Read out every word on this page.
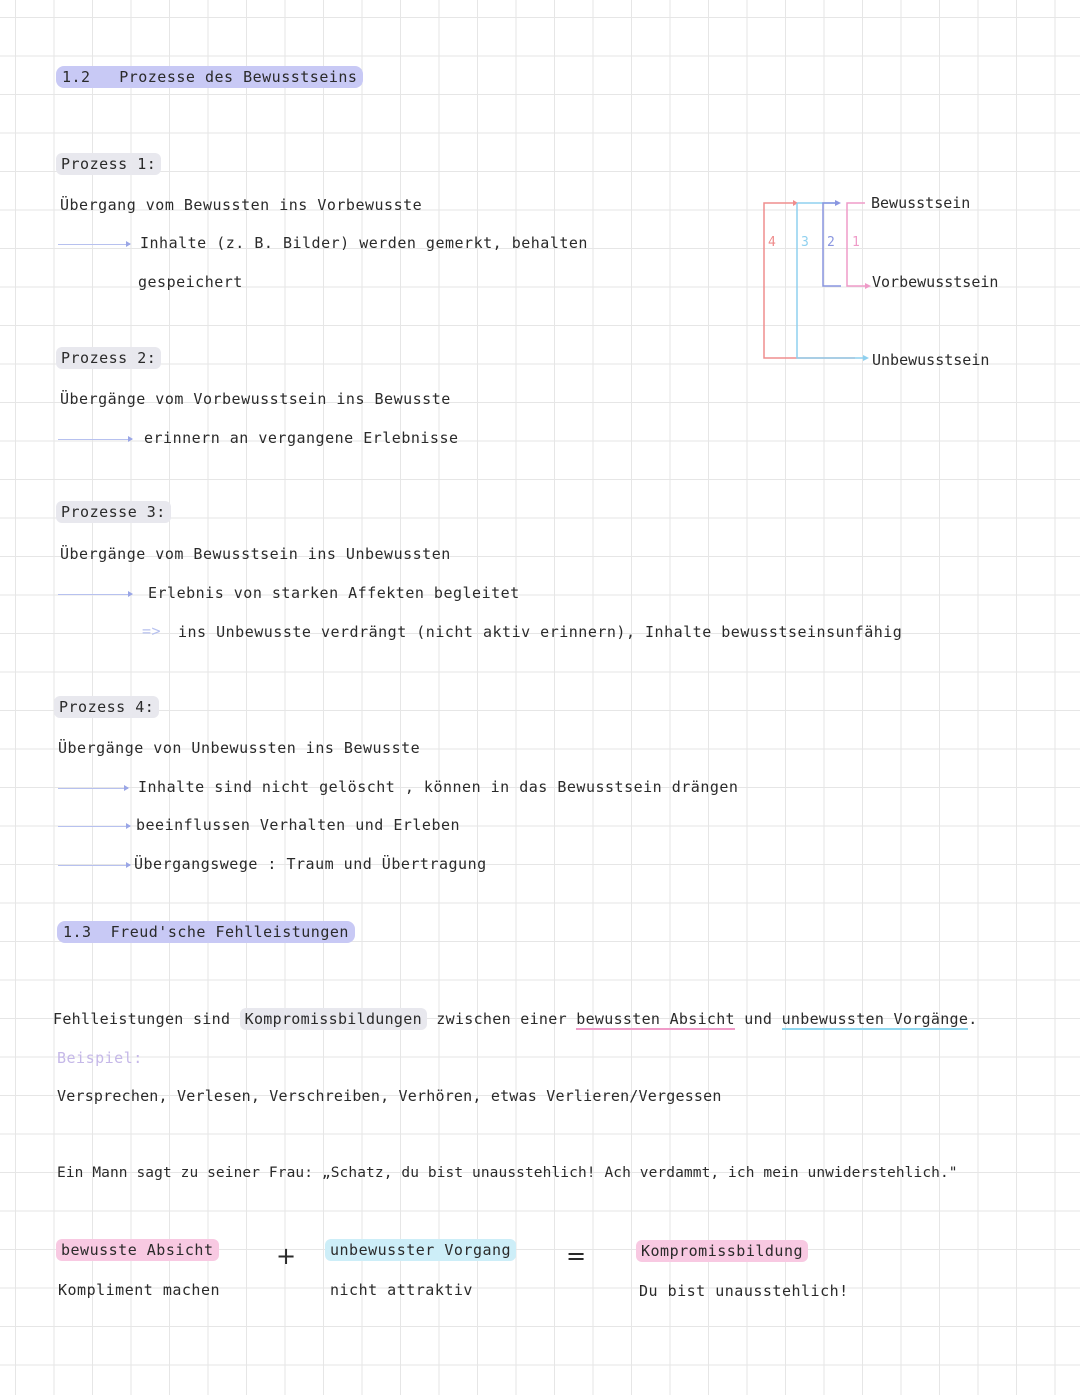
1.2 Prozesse des Bewusstseins
Prozess 1:
Übergang vom Bewussten ins Vorbewusste
Inhalte (z. B. Bilder) werden gemerkt, behalten
gespeichert
Prozess 2:
Übergänge vom Vorbewusstsein ins Bewusste
erinnern an vergangene Erlebnisse
Prozesse 3:
Übergänge vom Bewusstsein ins Unbewussten
Erlebnis von starken Affekten begleitet
=> ins Unbewusste verdrängt (nicht aktiv erinnern), Inhalte bewusstseinsunfähig
Prozess 4:
Übergänge von Unbewussten ins Bewusste
Inhalte sind nicht gelöscht , können in das Bewusstsein drängen
beeinflussen Verhalten und Erleben
Übergangswege : Traum und Übertragung
4 3 2 1
Bewusstsein
Vorbewusstsein
Unbewusstsein
1.3 Freud'sche Fehlleistungen
Fehlleistungen sind Kompromissbildungen zwischen einer bewussten Absicht und unbewussten Vorgänge.
Beispiel:
Versprechen, Verlesen, Verschreiben, Verhören, etwas Verlieren/Vergessen
Ein Mann sagt zu seiner Frau: „Schatz, du bist unausstehlich! Ach verdammt, ich mein unwiderstehlich."
bewusste Absicht
Kompliment machen
+	unbewusster Vorgang
nicht attraktiv
=	Kompromissbildung
Du bist unausstehlich!
